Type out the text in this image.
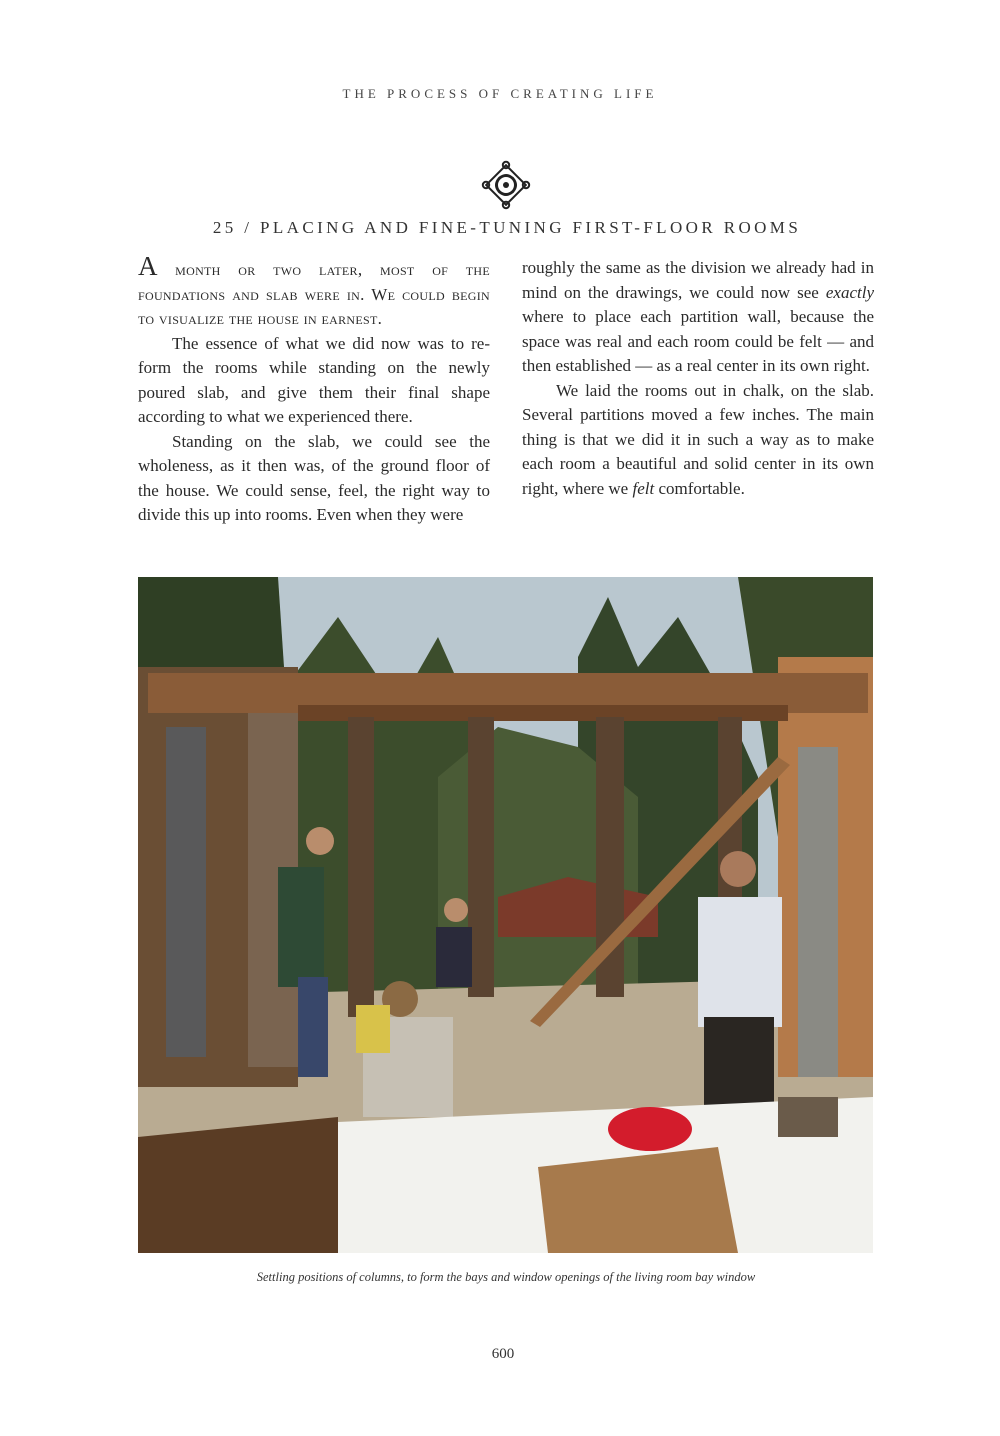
THE PROCESS OF CREATING LIFE
25 / PLACING AND FINE-TUNING FIRST-FLOOR ROOMS

A month or two later, most of the foundations and slab were in. We could begin to visualize the house in earnest.

The essence of what we did now was to re-form the rooms while standing on the newly poured slab, and give them their final shape according to what we experienced there.

Standing on the slab, we could see the wholeness, as it then was, of the ground floor of the house. We could sense, feel, the right way to divide this up into rooms. Even when they were

roughly the same as the division we already had in mind on the drawings, we could now see exactly where to place each partition wall, because the space was real and each room could be felt — and then established — as a real center in its own right.

We laid the rooms out in chalk, on the slab. Several partitions moved a few inches. The main thing is that we did it in such a way as to make each room a beautiful and solid center in its own right, where we felt comfortable.

Settling positions of columns, to form the bays and window openings of the living room bay window
600
